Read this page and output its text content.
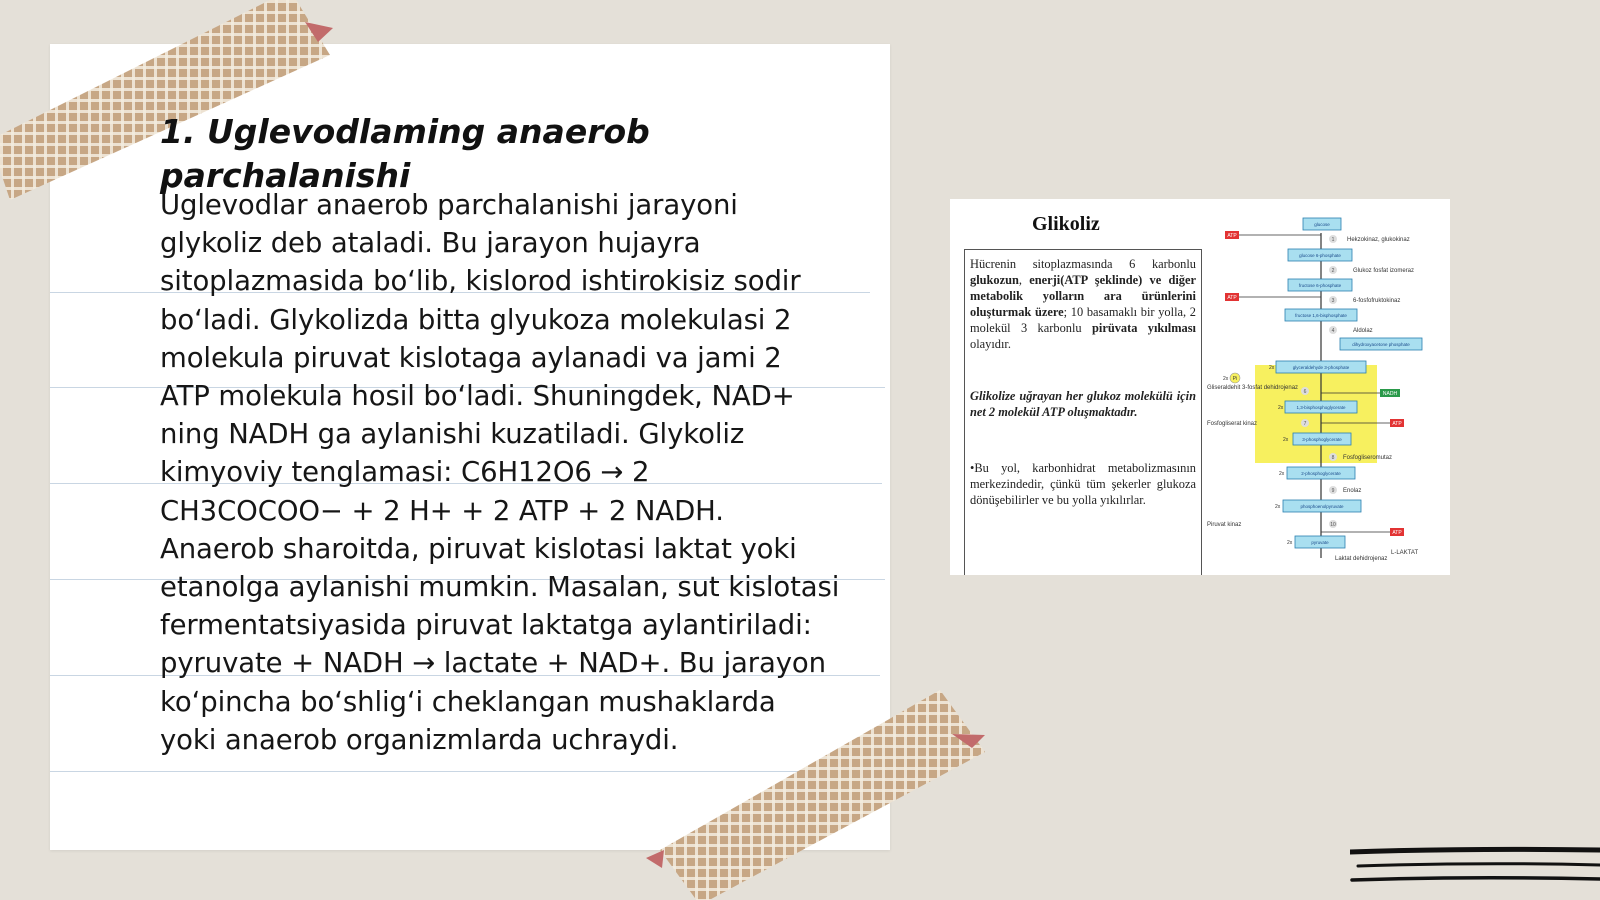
1. Uglevodlaming anaerob parchalanishi

Uglevodlar anaerob parchalanishi jarayoni glykoliz deb ataladi. Bu jarayon hujayra sitoplazmasida boʻlib, kislorod ishtirokisiz sodir boʻladi. Glykolizda bitta glyukoza molekulasi 2 molekula piruvat kislotaga aylanadi va jami 2 ATP molekula hosil boʻladi. Shuningdek, NAD+ ning NADH ga aylanishi kuzatiladi. Glykoliz kimyoviy tenglamasi: C6H12O6 → 2 CH3COCOO− + 2 H+ + 2 ATP + 2 NADH. Anaerob sharoitda, piruvat kislotasi laktat yoki etanolga aylanishi mumkin. Masalan, sut kislotasi fermentatsiyasida piruvat laktatga aylantiriladi: pyruvate + NADH → lactate + NAD+. Bu jarayon koʻpincha boʻshligʻi cheklangan mushaklarda yoki anaerob organizmlarda uchraydi.

Glikoliz

Hücrenin sitoplazmasında 6 karbonlu glukozun, enerji(ATP şeklinde) ve diğer metabolik yolların ara ürünlerini oluşturmak üzere; 10 basamaklı bir yolla, 2 molekül 3 karbonlu pirüvata yıkılması olayıdır.

Glikolize uğrayan her glukoz molekülü için net 2 molekül ATP oluşmaktadır.

•Bu yol, karbonhidrat metabolizmasının merkezindedir, çünkü tüm şekerler glukoza dönüşebilirler ve bu yolla yıkılırlar.

glucose
glucose 6-phosphate
fructose 6-phosphate
fructose 1,6-bisphosphate
dihydroxyacetone phosphate
glyceraldehyde 3-phosphate
1,3-bisphosphoglycerate
3-phosphoglycerate
2-phosphoglycerate
phosphoenolpyruvate
pyruvate
1
2
3
4
6
7
8
9
10
Hekzokinaz, glukokinaz
Glukoz fosfat izomeraz
6-fosfofruktokinaz
Aldolaz
Gliseraldehit 3-fosfat dehidrojenaz
Fosfogliserat kinaz
Fosfogliseromutaz
Enolaz
Piruvat kinaz
Laktat dehidrojenaz
L-LAKTAT
ATP
ATP
NADH
ATP
ATP
Pi
2x
2x
2x
2x
2x
2x
2x
